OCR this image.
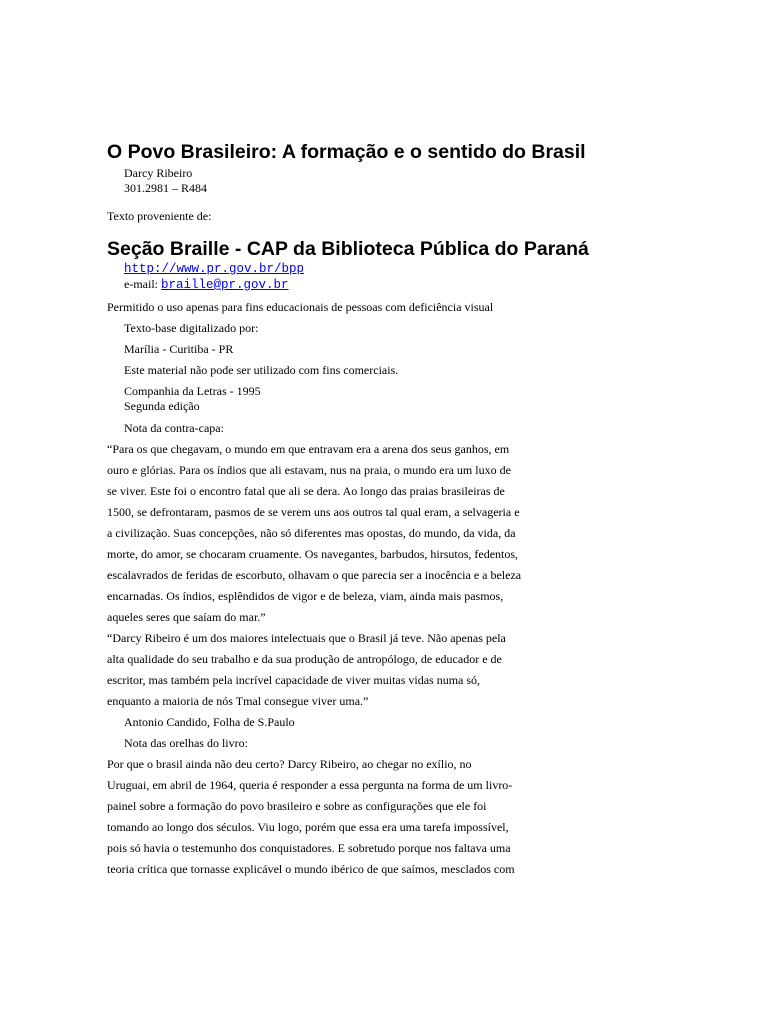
O Povo Brasileiro: A formação e o sentido do Brasil
Darcy Ribeiro
301.2981 – R484
Texto proveniente de:
Seção Braille - CAP da Biblioteca Pública do Paraná
http://www.pr.gov.br/bpp
e-mail: braille@pr.gov.br
Permitido o uso apenas para fins educacionais de pessoas com deficiência visual
Texto-base digitalizado por:
Marília - Curitiba - PR
Este material não pode ser utilizado com fins comerciais.
Companhia da Letras - 1995
Segunda edição
Nota da contra-capa:
“Para os que chegavam, o mundo em que entravam era a arena dos seus ganhos, em
ouro e glórias. Para os índios que ali estavam, nus na praia, o mundo era um luxo de
se viver. Este foi o encontro fatal que ali se dera. Ao longo das praias brasileiras de
1500, se defrontaram, pasmos de se verem uns aos outros tal qual eram, a selvageria e
a civilização. Suas concepções, não só diferentes mas opostas, do mundo, da vida, da
morte, do amor, se chocaram cruamente. Os navegantes, barbudos, hirsutos, fedentos,
escalavrados de feridas de escorbuto, olhavam o que parecia ser a inocência e a beleza
encarnadas. Os índios, esplêndidos de vigor e de beleza, viam, ainda mais pasmos,
aqueles seres que saíam do mar.”
“Darcy Ribeiro é um dos maiores intelectuais que o Brasil já teve. Não apenas pela
alta qualidade do seu trabalho e da sua produção de antropólogo, de educador e de
escritor, mas também pela incrível capacidade de viver muitas vidas numa só,
enquanto a maioria de nós Tmal consegue viver uma.”
Antonio Candido, Folha de S.Paulo
Nota das orelhas do livro:
Por que o brasil ainda não deu certo? Darcy Ribeiro, ao chegar no exílio, no
Uruguai, em abril de 1964, queria é responder a essa pergunta na forma de um livro-
painel sobre a formação do povo brasileiro e sobre as configurações que ele foi
tomando ao longo dos séculos. Viu logo, porém que essa era uma tarefa impossível,
pois só havia o testemunho dos conquistadores. E sobretudo porque nos faltava uma
teoria crítica que tornasse explicável o mundo ibérico de que saímos, mesclados com
